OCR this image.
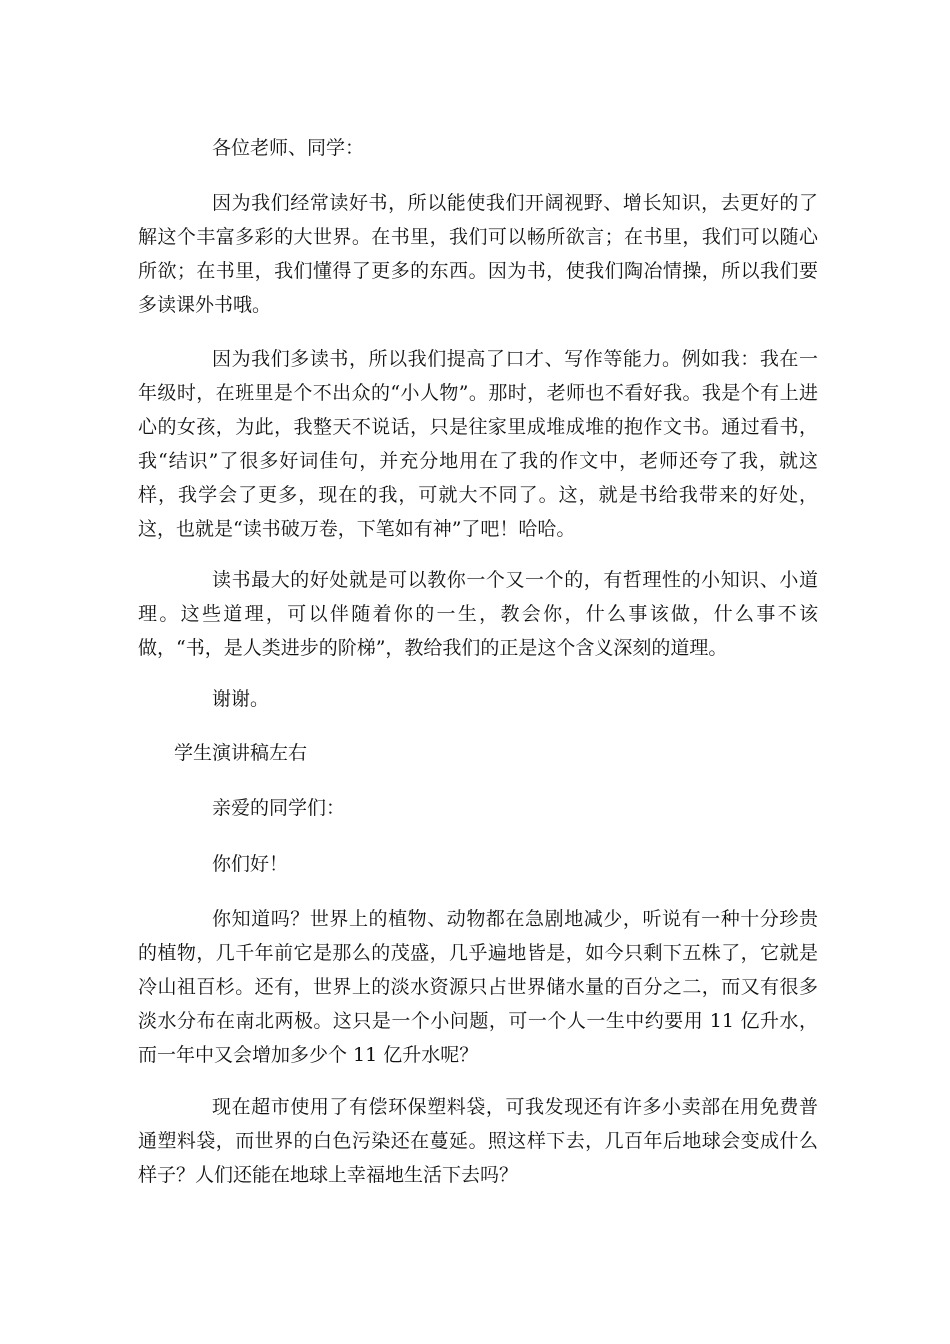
各位老师、同学：

因为我们经常读好书，所以能使我们开阔视野、增长知识，去更好的了解这个丰富多彩的大世界。在书里，我们可以畅所欲言；在书里，我们可以随心所欲；在书里，我们懂得了更多的东西。因为书，使我们陶冶情操，所以我们要多读课外书哦。

因为我们多读书，所以我们提高了口才、写作等能力。例如我：我在一年级时，在班里是个不出众的“小人物”。那时，老师也不看好我。我是个有上进心的女孩，为此，我整天不说话，只是往家里成堆成堆的抱作文书。通过看书，我“结识”了很多好词佳句，并充分地用在了我的作文中，老师还夸了我，就这样，我学会了更多，现在的我，可就大不同了。这，就是书给我带来的好处，这，也就是“读书破万卷，下笔如有神”了吧！哈哈。

读书最大的好处就是可以教你一个又一个的，有哲理性的小知识、小道理。这些道理，可以伴随着你的一生，教会你，什么事该做，什么事不该做，“书，是人类进步的阶梯”，教给我们的正是这个含义深刻的道理。

谢谢。

学生演讲稿左右

亲爱的同学们：

你们好！

你知道吗？世界上的植物、动物都在急剧地减少，听说有一种十分珍贵的植物，几千年前它是那么的茂盛，几乎遍地皆是，如今只剩下五株了，它就是冷山祖百杉。还有，世界上的淡水资源只占世界储水量的百分之二，而又有很多淡水分布在南北两极。这只是一个小问题，可一个人一生中约要用 11 亿升水，而一年中又会增加多少个 11 亿升水呢？

现在超市使用了有偿环保塑料袋，可我发现还有许多小卖部在用免费普通塑料袋，而世界的白色污染还在蔓延。照这样下去，几百年后地球会变成什么样子？人们还能在地球上幸福地生活下去吗？
